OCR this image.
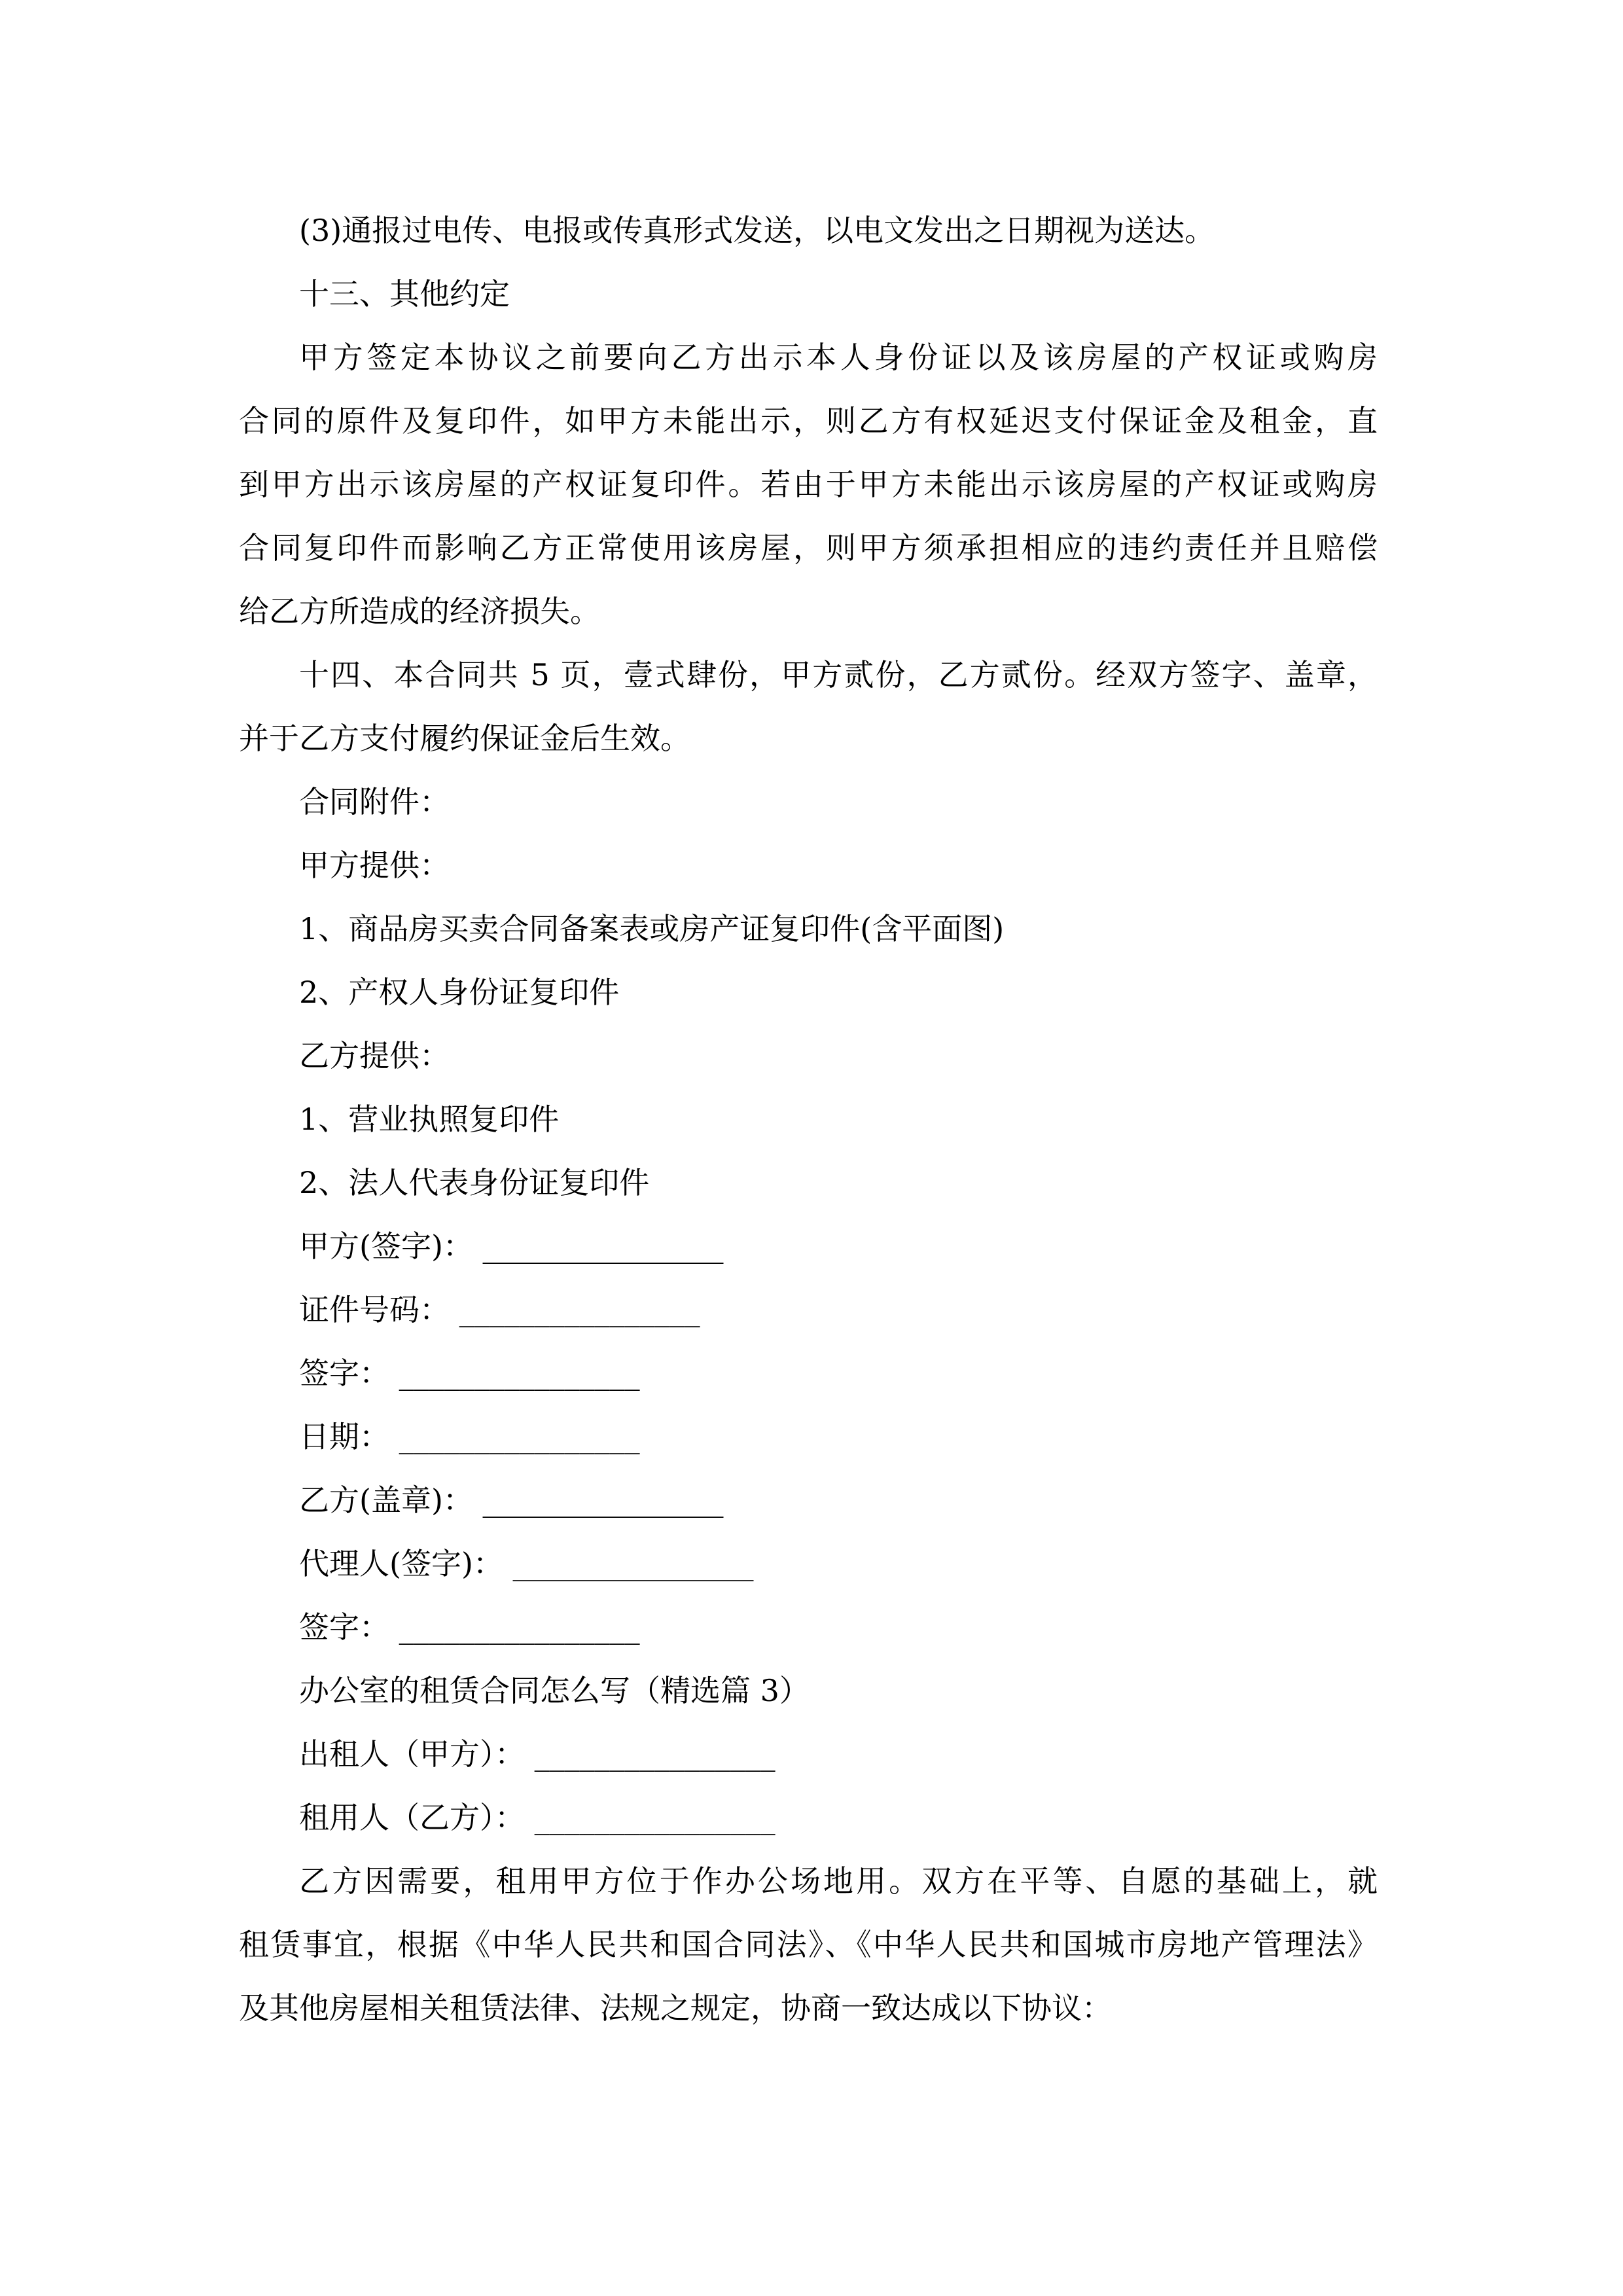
(3)通报过电传、电报或传真形式发送，以电文发出之日期视为送达。
十三、其他约定
甲方签定本协议之前要向乙方出示本人身份证以及该房屋的产权证或购房
合同的原件及复印件，如甲方未能出示，则乙方有权延迟支付保证金及租金，直
到甲方出示该房屋的产权证复印件。若由于甲方未能出示该房屋的产权证或购房
合同复印件而影响乙方正常使用该房屋，则甲方须承担相应的违约责任并且赔偿
给乙方所造成的经济损失。
十四、本合同共 5 页，壹式肆份，甲方贰份，乙方贰份。经双方签字、盖章，
并于乙方支付履约保证金后生效。
合同附件：
甲方提供：
1、商品房买卖合同备案表或房产证复印件(含平面图)
2、产权人身份证复印件
乙方提供：
1、营业执照复印件
2、法人代表身份证复印件
甲方(签字)： ________________
证件号码： ________________
签字： ________________
日期： ________________
乙方(盖章)： ________________
代理人(签字)： ________________
签字： ________________
办公室的租赁合同怎么写（精选篇 3）
出租人（甲方）： ________________
租用人（乙方）： ________________
乙方因需要，租用甲方位于作办公场地用。双方在平等、自愿的基础上，就
租赁事宜，根据《中华人民共和国合同法》、《中华人民共和国城市房地产管理法》
及其他房屋相关租赁法律、法规之规定，协商一致达成以下协议：
